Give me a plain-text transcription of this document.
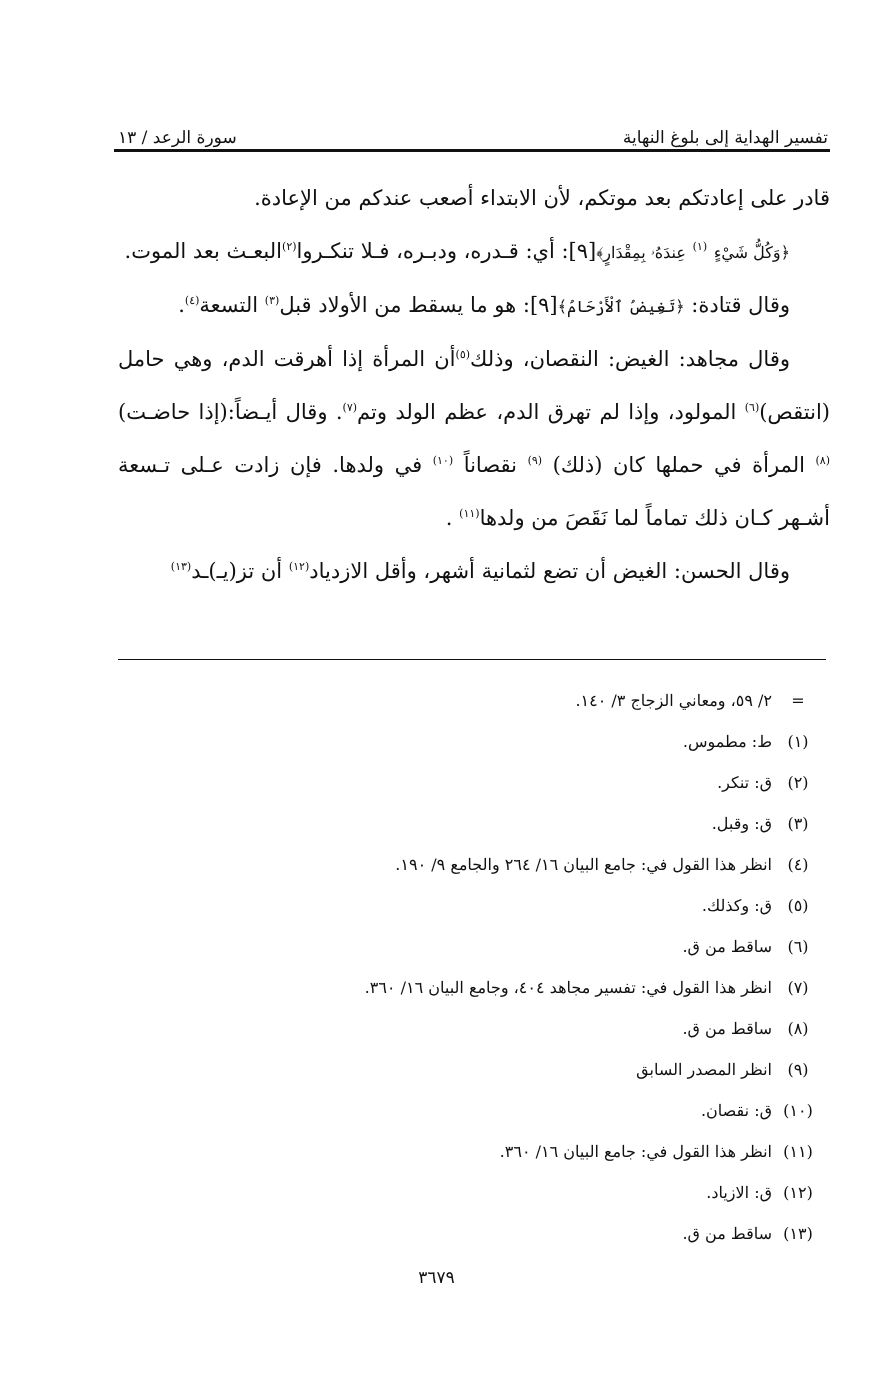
تفسير الهداية إلى بلوغ النهاية
سورة الرعد / ١٣

قادر على إعادتكم بعد موتكم، لأن الابتداء أصعب عندكم من الإعادة.

﴿وَكُلُّ شَيْءٍ $^{(١)}$ عِندَهُۥ بِمِقْدَارٍ﴾[٩]: أي: قـدره، ودبـره، فـلا تنكـروا$^{(٢)}$البعـث بعد الموت.

وقال قتادة: ﴿تَغِيضُ ٱلْأَرْحَامُ﴾[٩]: هو ما يسقط من الأولاد قبل$^{(٣)}$ التسعة$^{(٤)}$.

وقال مجاهد: الغيض: النقصان، وذلك$^{(٥)}$أن المرأة إذا أهرقت الدم، وهي حامل (انتقص)$^{(٦)}$ المولود، وإذا لم تهرق الدم، عظم الولد وتم$^{(٧)}$. وقال أيـضاً:(إذا حاضـت) $^{(٨)}$ المرأة في حملها كان (ذلك) $^{(٩)}$ نقصاناً $^{(١٠)}$ في ولدها. فإن زادت عـلى تـسعة أشـهر كـان ذلك تماماً لما نَقَصَ من ولدها$^{(١١)}$ .

وقال الحسن: الغيض أن تضع لثمانية أشهر، وأقل الازدياد$^{(١٢)}$ أن تز(يـ)ـد$^{(١٣)}$

=
٢/ ٥٩، ومعاني الزجاج ٣/ ١٤٠.
(١)
ط: مطموس.
(٢)
ق: تنكر.
(٣)
ق: وقبل.
(٤)
انظر هذا القول في: جامع البيان ١٦/ ٢٦٤ والجامع ٩/ ١٩٠.
(٥)
ق: وكذلك.
(٦)
ساقط من ق.
(٧)
انظر هذا القول في: تفسير مجاهد ٤٠٤، وجامع البيان ١٦/ ٣٦٠.
(٨)
ساقط من ق.
(٩)
انظر المصدر السابق
(١٠)
ق: نقصان.
(١١)
انظر هذا القول في: جامع البيان ١٦/ ٣٦٠.
(١٢)
ق: الازياد.
(١٣)
ساقط من ق.
٣٦٧٩
